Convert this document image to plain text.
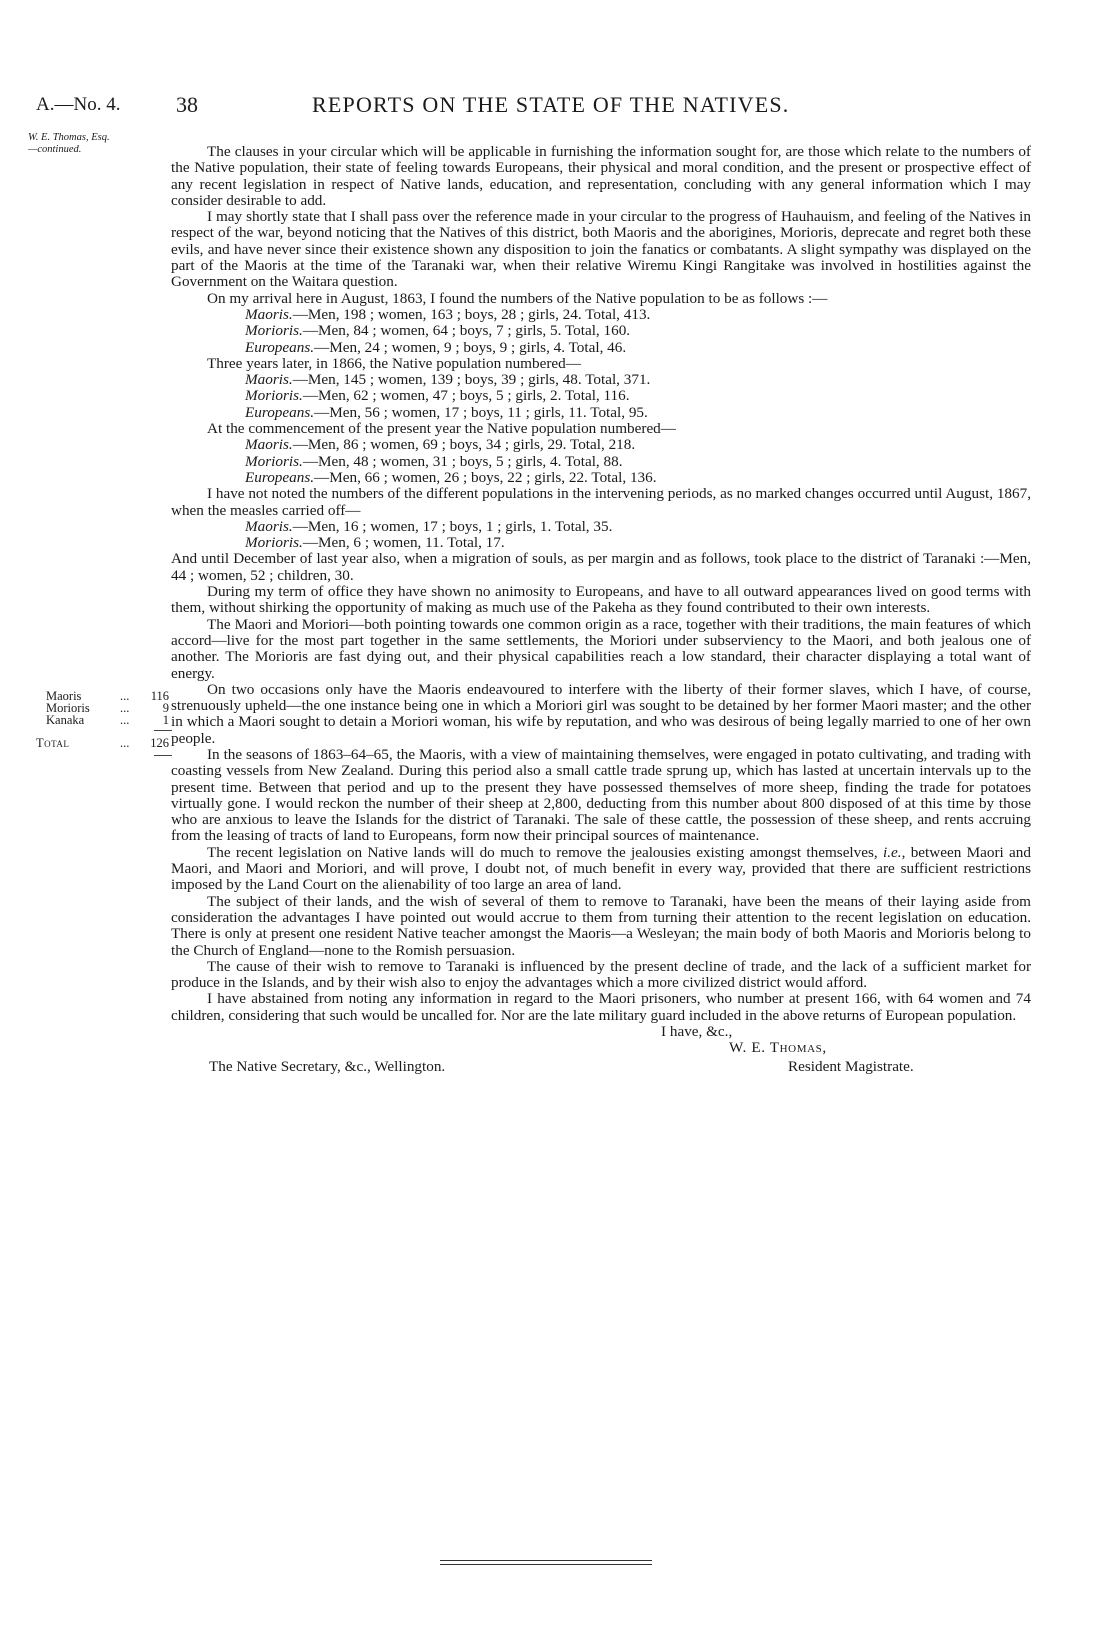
A.—No. 4.	38	REPORTS ON THE STATE OF THE NATIVES.
W. E. Thomas, Esq.
—continued.
Maoris	... 116
Morioris ...	9
Kanaka	...	1
Total	... 126

The clauses in your circular which will be applicable in furnishing the information sought for, are those which relate to the numbers of the Native population, their state of feeling towards Europeans, their physical and moral condition, and the present or prospective effect of any recent legislation in respect of Native lands, education, and representation, concluding with any general information which I may consider desirable to add.

I may shortly state that I shall pass over the reference made in your circular to the progress of Hauhauism, and feeling of the Natives in respect of the war, beyond noticing that the Natives of this district, both Maoris and the aborigines, Morioris, deprecate and regret both these evils, and have never since their existence shown any disposition to join the fanatics or combatants. A slight sympathy was displayed on the part of the Maoris at the time of the Taranaki war, when their relative Wiremu Kingi Rangitake was involved in hostilities against the Government on the Waitara question.

On my arrival here in August, 1863, I found the numbers of the Native population to be as follows :—

Maoris.—Men, 198 ; women, 163 ; boys, 28 ; girls, 24. Total, 413.

Morioris.—Men, 84 ; women, 64 ; boys, 7 ; girls, 5. Total, 160.

Europeans.—Men, 24 ; women, 9 ; boys, 9 ; girls, 4. Total, 46.

Three years later, in 1866, the Native population numbered—

Maoris.—Men, 145 ; women, 139 ; boys, 39 ; girls, 48. Total, 371.

Morioris.—Men, 62 ; women, 47 ; boys, 5 ; girls, 2. Total, 116.

Europeans.—Men, 56 ; women, 17 ; boys, 11 ; girls, 11. Total, 95.

At the commencement of the present year the Native population numbered—

Maoris.—Men, 86 ; women, 69 ; boys, 34 ; girls, 29. Total, 218.

Morioris.—Men, 48 ; women, 31 ; boys, 5 ; girls, 4. Total, 88.

Europeans.—Men, 66 ; women, 26 ; boys, 22 ; girls, 22. Total, 136.

I have not noted the numbers of the different populations in the intervening periods, as no marked changes occurred until August, 1867, when the measles carried off—

Maoris.—Men, 16 ; women, 17 ; boys, 1 ; girls, 1. Total, 35.

Morioris.—Men, 6 ; women, 11. Total, 17.

And until December of last year also, when a migration of souls, as per margin and as follows, took place to the district of Taranaki :—Men, 44 ; women, 52 ; children, 30.

During my term of office they have shown no animosity to Europeans, and have to all outward appearances lived on good terms with them, without shirking the opportunity of making as much use of the Pakeha as they found contributed to their own interests.

The Maori and Moriori—both pointing towards one common origin as a race, together with their traditions, the main features of which accord—live for the most part together in the same settlements, the Moriori under subserviency to the Maori, and both jealous one of another. The Morioris are fast dying out, and their physical capabilities reach a low standard, their character displaying a total want of energy.

On two occasions only have the Maoris endeavoured to interfere with the liberty of their former slaves, which I have, of course, strenuously upheld—the one instance being one in which a Moriori girl was sought to be detained by her former Maori master; and the other in which a Maori sought to detain a Moriori woman, his wife by reputation, and who was desirous of being legally married to one of her own people.

In the seasons of 1863–64–65, the Maoris, with a view of maintaining themselves, were engaged in potato cultivating, and trading with coasting vessels from New Zealand. During this period also a small cattle trade sprung up, which has lasted at uncertain intervals up to the present time. Between that period and up to the present they have possessed themselves of more sheep, finding the trade for potatoes virtually gone. I would reckon the number of their sheep at 2,800, deducting from this number about 800 disposed of at this time by those who are anxious to leave the Islands for the district of Taranaki. The sale of these cattle, the possession of these sheep, and rents accruing from the leasing of tracts of land to Europeans, form now their principal sources of maintenance.

The recent legislation on Native lands will do much to remove the jealousies existing amongst themselves, i.e., between Maori and Maori, and Maori and Moriori, and will prove, I doubt not, of much benefit in every way, provided that there are sufficient restrictions imposed by the Land Court on the alienability of too large an area of land.

The subject of their lands, and the wish of several of them to remove to Taranaki, have been the means of their laying aside from consideration the advantages I have pointed out would accrue to them from turning their attention to the recent legislation on education. There is only at present one resident Native teacher amongst the Maoris—a Wesleyan; the main body of both Maoris and Morioris belong to the Church of England—none to the Romish persuasion.

The cause of their wish to remove to Taranaki is influenced by the present decline of trade, and the lack of a sufficient market for produce in the Islands, and by their wish also to enjoy the advantages which a more civilized district would afford.

I have abstained from noting any information in regard to the Maori prisoners, who number at present 166, with 64 women and 74 children, considering that such would be uncalled for. Nor are the late military guard included in the above returns of European population.

I have, &c.,
W. E. Thomas,
The Native Secretary, &c., Wellington.	Resident Magistrate.
